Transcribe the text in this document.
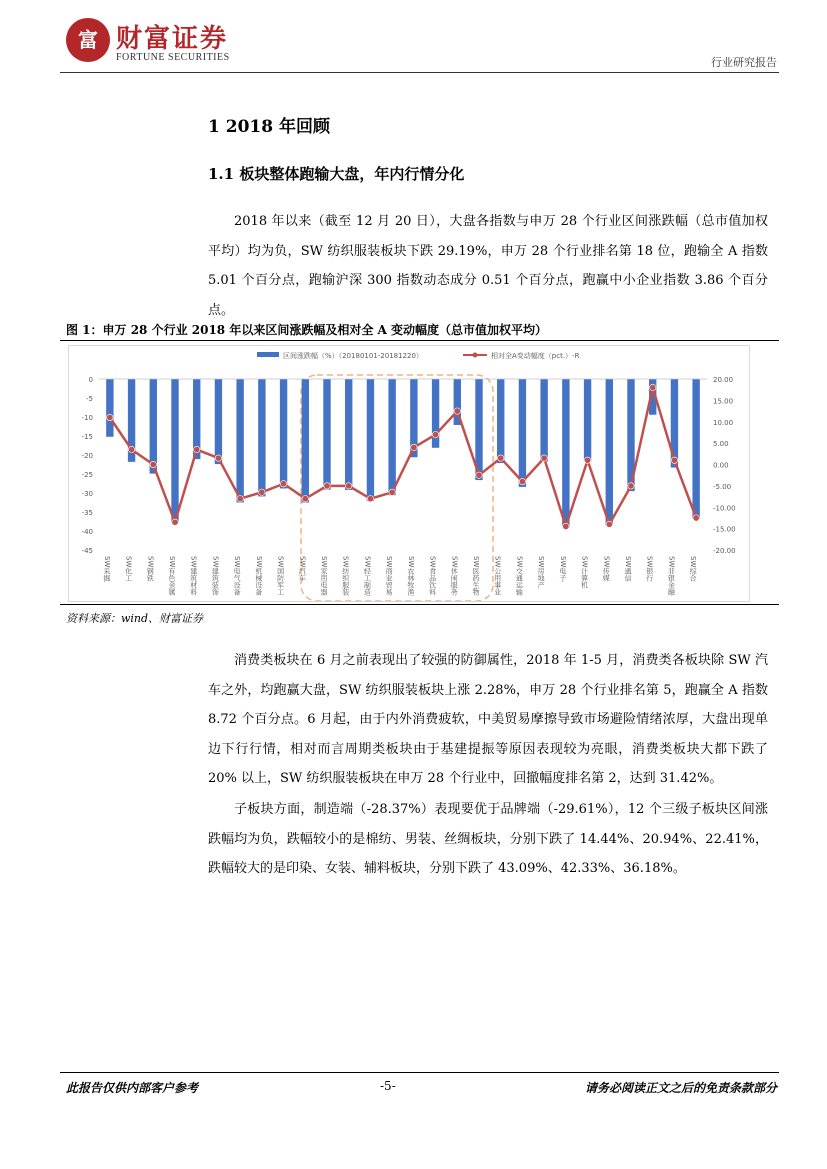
富 财富证券
FORTUNE SECURITIES	行业研究报告
1 2018 年回顾
1.1 板块整体跑输大盘，年内行情分化

2018 年以来（截至 12 月 20 日），大盘各指数与申万 28 个行业区间涨跌幅（总市值加权平均）均为负，SW 纺织服装板块下跌 29.19%，申万 28 个行业排名第 18 位，跑输全 A 指数 5.01 个百分点，跑输沪深 300 指数动态成分 0.51 个百分点，跑赢中小企业指数 3.86 个百分点。

图 1：申万 28 个行业 2018 年以来区间涨跌幅及相对全 A 变动幅度（总市值加权平均）
区间涨跌幅（%）（20180101-20181220）	相对全A变动幅度（pct.）-R
0
-5
-10
-15
-20
-25
-30
-35
-40
-45
20.00
15.00
10.00
5.00
0.00
-5.00
-10.00
-15.00
-20.00
SW采掘 SW化工 SW钢铁 SW有色金属 SW建筑材料 SW建筑装饰 SW电气设备 SW机械设备 SW国防军工 SW汽车 SW家用电器 SW纺织服装 SW轻工制造 SW商业贸易 SW农林牧渔 SW食品饮料 SW休闲服务 SW医药生物 SW公用事业 SW交通运输 SW房地产 SW电子 SW计算机 SW传媒 SW通信 SW银行 SW非银金融 SW综合
资料来源：wind、财富证券

消费类板块在 6 月之前表现出了较强的防御属性，2018 年 1-5 月，消费类各板块除 SW 汽车之外，均跑赢大盘，SW 纺织服装板块上涨 2.28%，申万 28 个行业排名第 5，跑赢全 A 指数 8.72 个百分点。6 月起，由于内外消费疲软，中美贸易摩擦导致市场避险情绪浓厚，大盘出现单边下行行情，相对而言周期类板块由于基建提振等原因表现较为亮眼，消费类板块大都下跌了 20% 以上，SW 纺织服装板块在申万 28 个行业中，回撤幅度排名第 2，达到 31.42%。

子板块方面，制造端（-28.37%）表现要优于品牌端（-29.61%），12 个三级子板块区间涨跌幅均为负，跌幅较小的是棉纺、男装、丝绸板块，分别下跌了 14.44%、20.94%、22.41%，跌幅较大的是印染、女装、辅料板块，分别下跌了 43.09%、42.33%、36.18%。

此报告仅供内部客户参考	-5-	请务必阅读正文之后的免责条款部分
